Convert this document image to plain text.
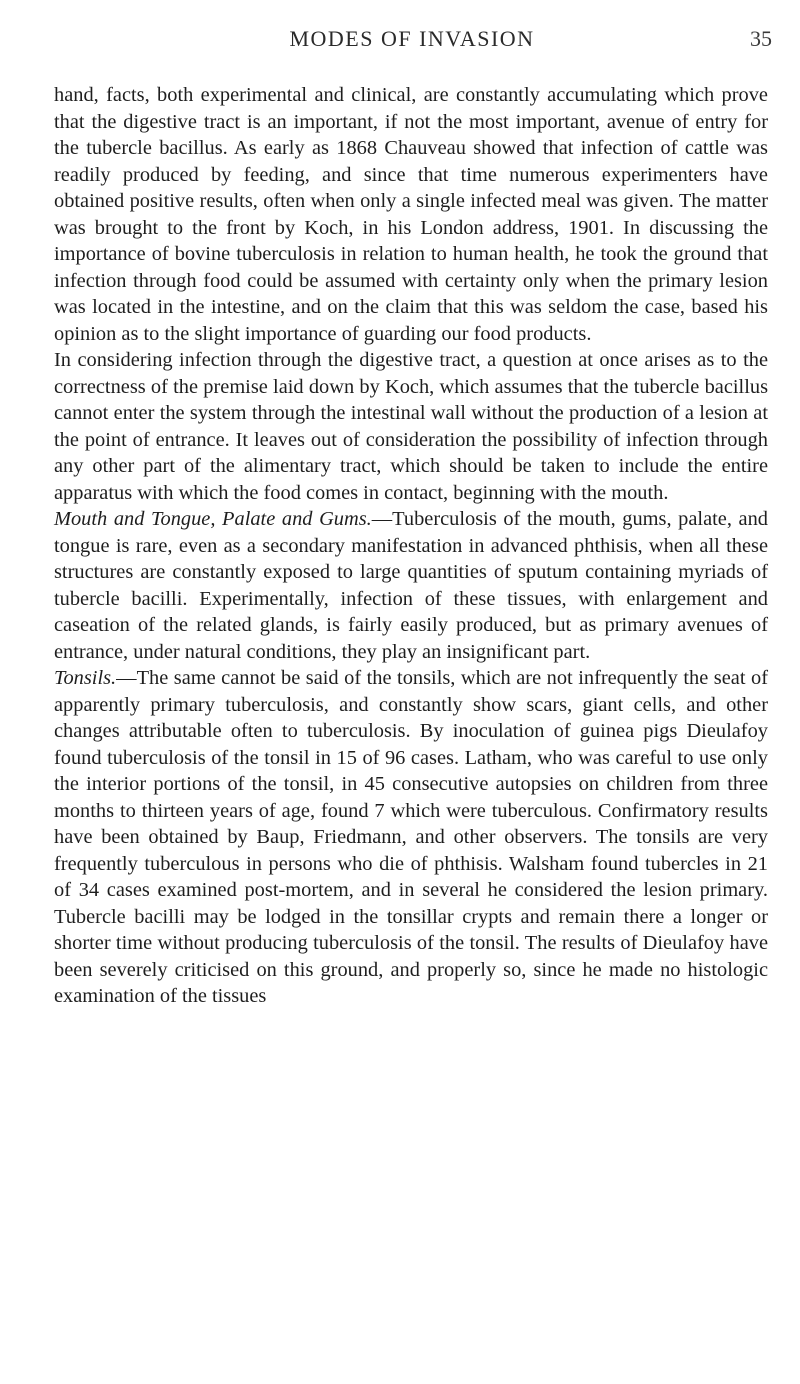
MODES OF INVASION	35

hand, facts, both experimental and clinical, are constantly accumulating which prove that the digestive tract is an important, if not the most important, avenue of entry for the tubercle bacillus. As early as 1868 Chauveau showed that infection of cattle was readily produced by feeding, and since that time numerous experimenters have obtained positive results, often when only a single infected meal was given. The matter was brought to the front by Koch, in his London address, 1901. In discussing the importance of bovine tuberculosis in relation to human health, he took the ground that infection through food could be assumed with certainty only when the primary lesion was located in the intestine, and on the claim that this was seldom the case, based his opinion as to the slight importance of guarding our food products.

In considering infection through the digestive tract, a question at once arises as to the correctness of the premise laid down by Koch, which assumes that the tubercle bacillus cannot enter the system through the intestinal wall without the production of a lesion at the point of entrance. It leaves out of consideration the possibility of infection through any other part of the alimentary tract, which should be taken to include the entire apparatus with which the food comes in contact, beginning with the mouth.

Mouth and Tongue, Palate and Gums.—Tuberculosis of the mouth, gums, palate, and tongue is rare, even as a secondary manifestation in advanced phthisis, when all these structures are constantly exposed to large quantities of sputum containing myriads of tubercle bacilli. Experimentally, infection of these tissues, with enlargement and caseation of the related glands, is fairly easily produced, but as primary avenues of entrance, under natural conditions, they play an insignificant part.

Tonsils.—The same cannot be said of the tonsils, which are not infrequently the seat of apparently primary tuberculosis, and constantly show scars, giant cells, and other changes attributable often to tuberculosis. By inoculation of guinea pigs Dieulafoy found tuberculosis of the tonsil in 15 of 96 cases. Latham, who was careful to use only the interior portions of the tonsil, in 45 consecutive autopsies on children from three months to thirteen years of age, found 7 which were tuberculous. Confirmatory results have been obtained by Baup, Friedmann, and other observers. The tonsils are very frequently tuberculous in persons who die of phthisis. Walsham found tubercles in 21 of 34 cases examined post-mortem, and in several he considered the lesion primary. Tubercle bacilli may be lodged in the tonsillar crypts and remain there a longer or shorter time without producing tuberculosis of the tonsil. The results of Dieulafoy have been severely criticised on this ground, and properly so, since he made no histologic examination of the tissues
